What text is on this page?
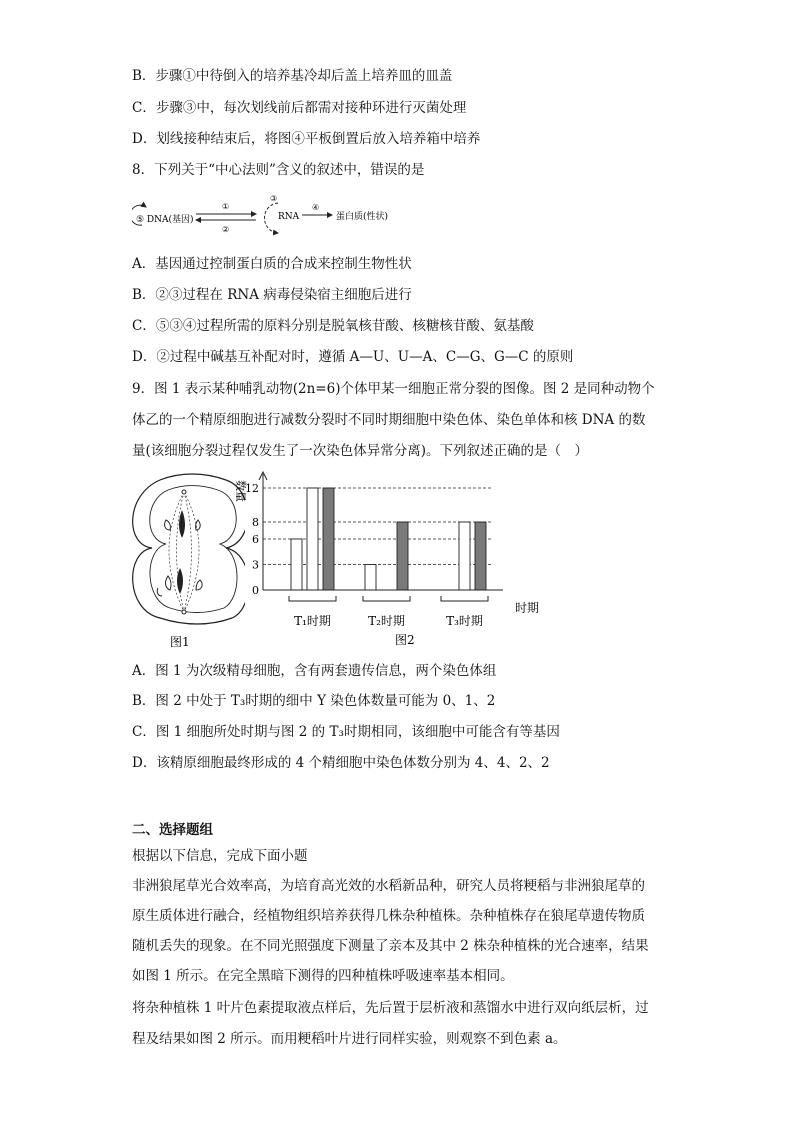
B．步骤①中待倒入的培养基冷却后盖上培养皿的皿盖
C．步骤③中，每次划线前后都需对接种环进行灭菌处理
D．划线接种结束后，将图④平板倒置后放入培养箱中培养
8．下列关于“中心法则”含义的叙述中，错误的是
⑤ DNA(基因)
①
②
③
RNA
④
蛋白质(性状)
A．基因通过控制蛋白质的合成来控制生物性状
B．②③过程在 RNA 病毒侵染宿主细胞后进行
C．⑤③④过程所需的原料分别是脱氧核苷酸、核糖核苷酸、氨基酸
D．②过程中碱基互补配对时，遵循 A—U、U—A、C—G、G—C 的原则
9．图 1 表示某种哺乳动物(2n=6)个体甲某一细胞正常分裂的图像。图 2 是同种动物个
体乙的一个精原细胞进行减数分裂时不同时期细胞中染色体、染色单体和核 DNA 的数
量(该细胞分裂过程仅发生了一次染色体异常分离)。下列叙述正确的是（　）
图1
0
3
6
8
12
T₁时期	T₂时期	T₃时期
数量
时期
图2
A．图 1 为次级精母细胞，含有两套遗传信息，两个染色体组
B．图 2 中处于 T₃时期的细中 Y 染色体数量可能为 0、1、2
C．图 1 细胞所处时期与图 2 的 T₃时期相同，该细胞中可能含有等基因
D．该精原细胞最终形成的 4 个精细胞中染色体数分别为 4、4、2、2
二、选择题组
根据以下信息，完成下面小题
非洲狼尾草光合效率高，为培育高光效的水稻新品种，研究人员将粳稻与非洲狼尾草的
原生质体进行融合，经植物组织培养获得几株杂种植株。杂种植株存在狼尾草遗传物质
随机丢失的现象。在不同光照强度下测量了亲本及其中 2 株杂种植株的光合速率，结果
如图 1 所示。在完全黑暗下测得的四种植株呼吸速率基本相同。
将杂种植株 1 叶片色素提取液点样后，先后置于层析液和蒸馏水中进行双向纸层析，过
程及结果如图 2 所示。而用粳稻叶片进行同样实验，则观察不到色素 a。
